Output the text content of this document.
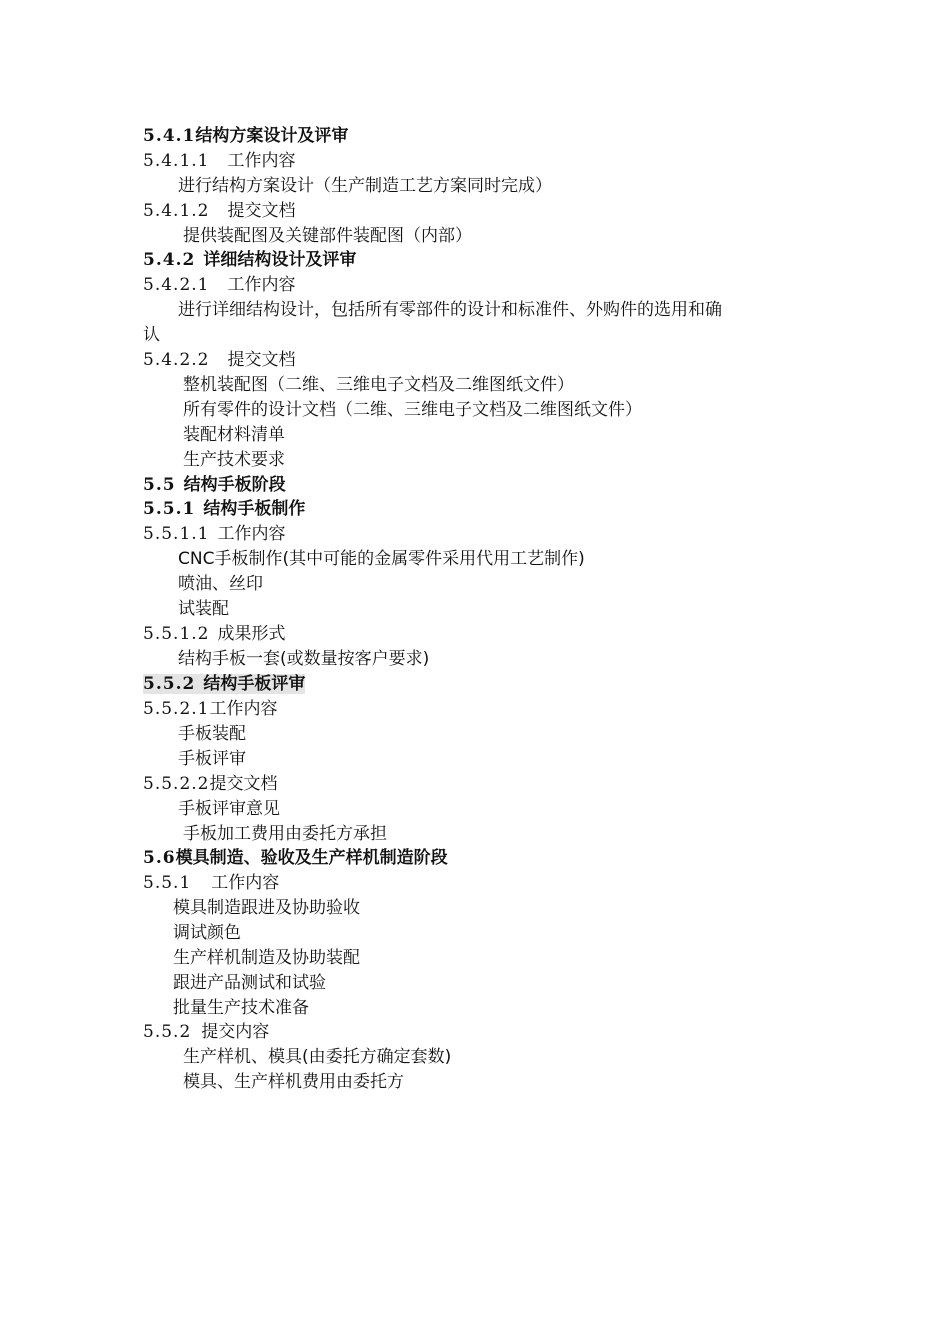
5.4.1结构方案设计及评审
5.4.1.1 工作内容
进行结构方案设计（生产制造工艺方案同时完成）
5.4.1.2 提交文档
提供装配图及关键部件装配图（内部）
5.4.2 详细结构设计及评审
5.4.2.1 工作内容
进行详细结构设计，包括所有零部件的设计和标准件、外购件的选用和确
认
5.4.2.2 提交文档
整机装配图（二维、三维电子文档及二维图纸文件）
所有零件的设计文档（二维、三维电子文档及二维图纸文件）
装配材料清单
生产技术要求
5.5 结构手板阶段
5.5.1 结构手板制作
5.5.1.1 工作内容
CNC手板制作(其中可能的金属零件采用代用工艺制作)
喷油、丝印
试装配
5.5.1.2 成果形式
结构手板一套(或数量按客户要求)
5.5.2 结构手板评审
5.5.2.1工作内容
手板装配
手板评审
5.5.2.2提交文档
手板评审意见
手板加工费用由委托方承担
5.6模具制造、验收及生产样机制造阶段
5.5.1 工作内容
模具制造跟进及协助验收
调试颜色
生产样机制造及协助装配
跟进产品测试和试验
批量生产技术准备
5.5.2 提交内容
生产样机、模具(由委托方确定套数)
模具、生产样机费用由委托方
